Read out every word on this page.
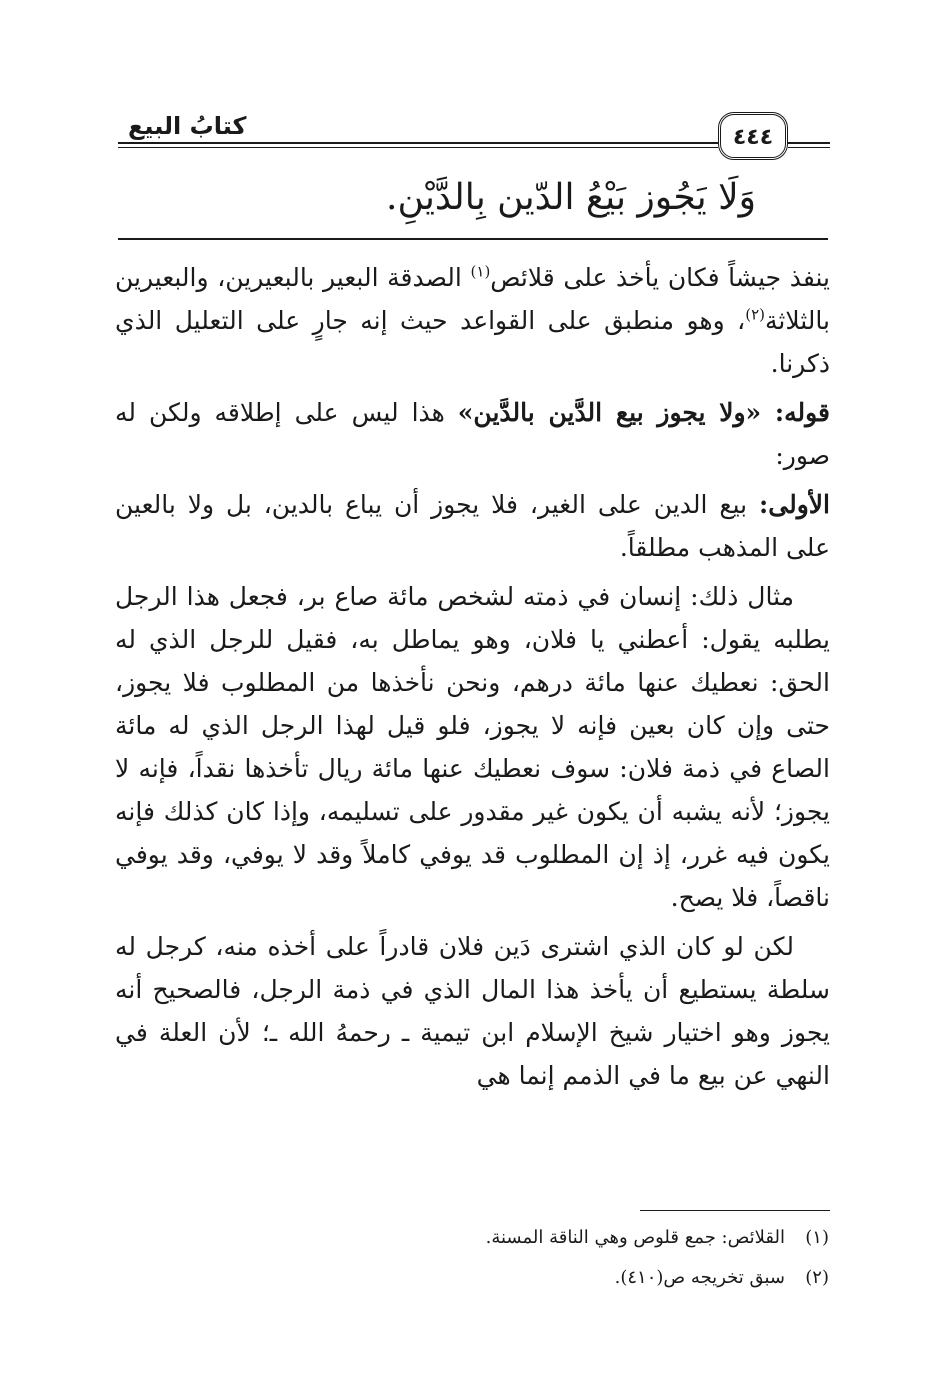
كتابُ البيع	٤٤٤
وَلَا يَجُوز بَيْعُ الدّين بِالدَّيْنِ.

ينفذ جيشاً فكان يأخذ على قلائص$^{(١)}$ الصدقة البعير بالبعيرين، والبعيرين بالثلاثة$^{(٢)}$، وهو منطبق على القواعد حيث إنه جارٍ على التعليل الذي ذكرنا.

قوله: «ولا يجوز بيع الدَّين بالدَّين» هذا ليس على إطلاقه ولكن له صور:

الأولى: بيع الدين على الغير، فلا يجوز أن يباع بالدين، بل ولا بالعين على المذهب مطلقاً.

مثال ذلك: إنسان في ذمته لشخص مائة صاع بر، فجعل هذا الرجل يطلبه يقول: أعطني يا فلان، وهو يماطل به، فقيل للرجل الذي له الحق: نعطيك عنها مائة درهم، ونحن نأخذها من المطلوب فلا يجوز، حتى وإن كان بعين فإنه لا يجوز، فلو قيل لهذا الرجل الذي له مائة الصاع في ذمة فلان: سوف نعطيك عنها مائة ريال تأخذها نقداً، فإنه لا يجوز؛ لأنه يشبه أن يكون غير مقدور على تسليمه، وإذا كان كذلك فإنه يكون فيه غرر، إذ إن المطلوب قد يوفي كاملاً وقد لا يوفي، وقد يوفي ناقصاً، فلا يصح.

لكن لو كان الذي اشترى دَين فلان قادراً على أخذه منه، كرجل له سلطة يستطيع أن يأخذ هذا المال الذي في ذمة الرجل، فالصحيح أنه يجوز وهو اختيار شيخ الإسلام ابن تيمية ـ رحمهُ الله ـ؛ لأن العلة في النهي عن بيع ما في الذمم إنما هي

(١)القلائص: جمع قلوص وهي الناقة المسنة.
(٢)سبق تخريجه ص(٤١٠).
